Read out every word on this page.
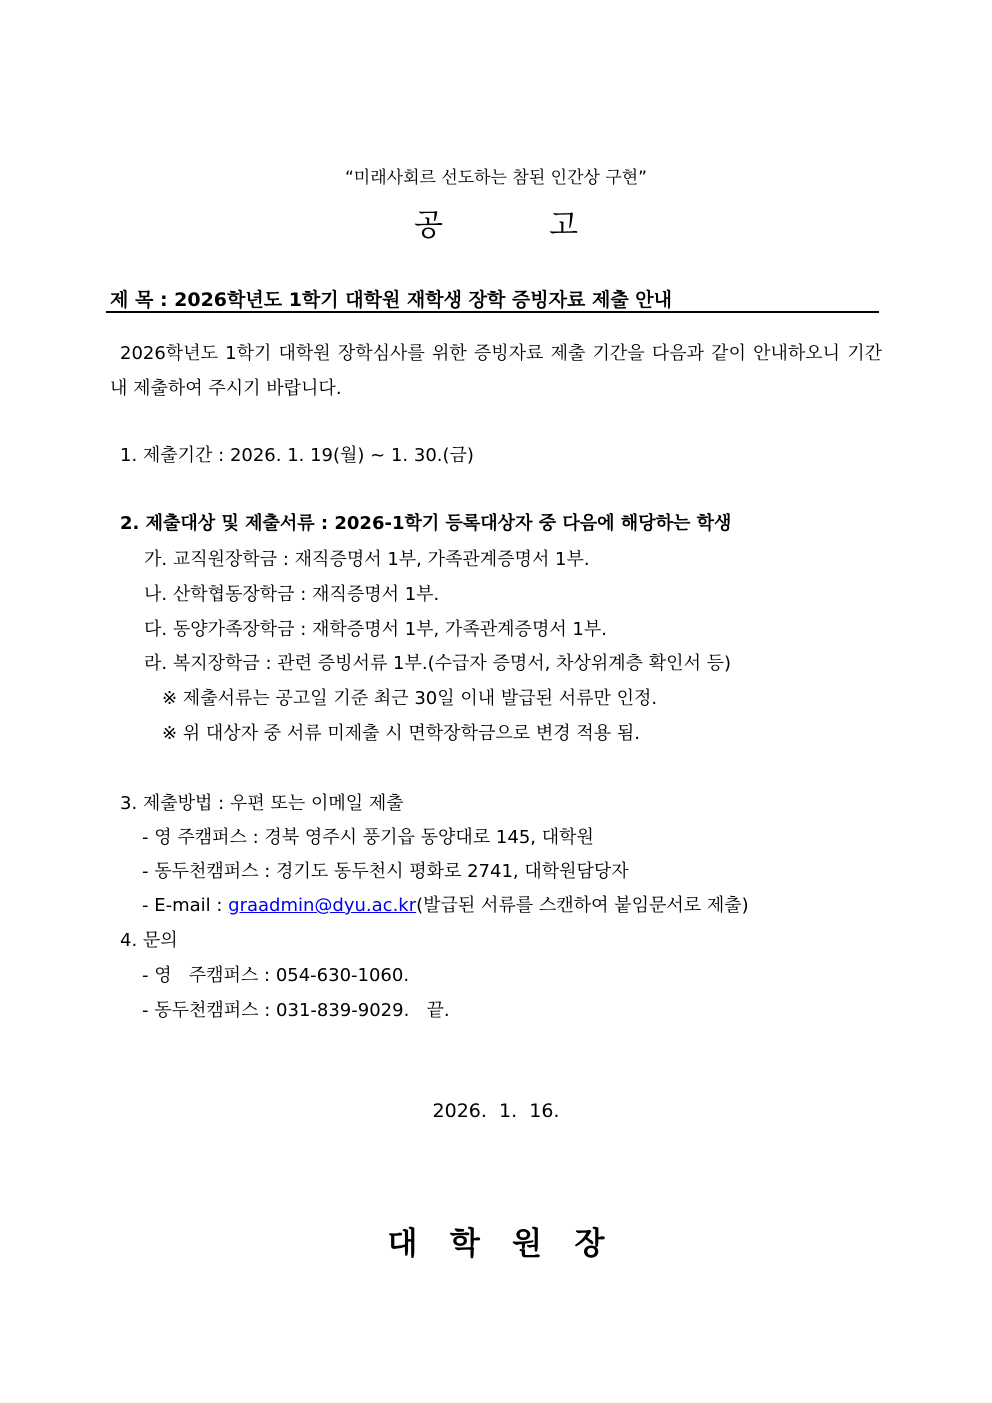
“미래사회르 선도하는 참된 인간상 구현”
공	고
제 목 : 2026학년도 1학기 대학원 재학생 장학 증빙자료 제출 안내
2026학년도 1학기 대학원 장학심사를 위한 증빙자료 제출 기간을 다음과 같이 안내하오니 기간 내 제출하여 주시기 바랍니다.
1. 제출기간 : 2026. 1. 19(월) ~ 1. 30.(금)
2. 제출대상 및 제출서류 : 2026-1학기 등록대상자 중 다음에 해당하는 학생
가. 교직원장학금 : 재직증명서 1부, 가족관계증명서 1부.
나. 산학협동장학금 : 재직증명서 1부.
다. 동양가족장학금 : 재학증명서 1부, 가족관계증명서 1부.
라. 복지장학금 : 관련 증빙서류 1부.(수급자 증명서, 차상위계층 확인서 등)
※ 제출서류는 공고일 기준 최근 30일 이내 발급된 서류만 인정.
※ 위 대상자 중 서류 미제출 시 면학장학금으로 변경 적용 됨.
3. 제출방법 : 우편 또는 이메일 제출
- 영 주캠퍼스 : 경북 영주시 풍기읍 동양대로 145, 대학원
- 동두천캠퍼스 : 경기도 동두천시 평화로 2741, 대학원담당자
- E-mail : graadmin@dyu.ac.kr(발급된 서류를 스캔하여 붙임문서로 제출)
4. 문의
- 영   주캠퍼스 : 054-630-1060.
- 동두천캠퍼스 : 031-839-9029.   끝.
2026.  1.  16.
대   학   원   장
